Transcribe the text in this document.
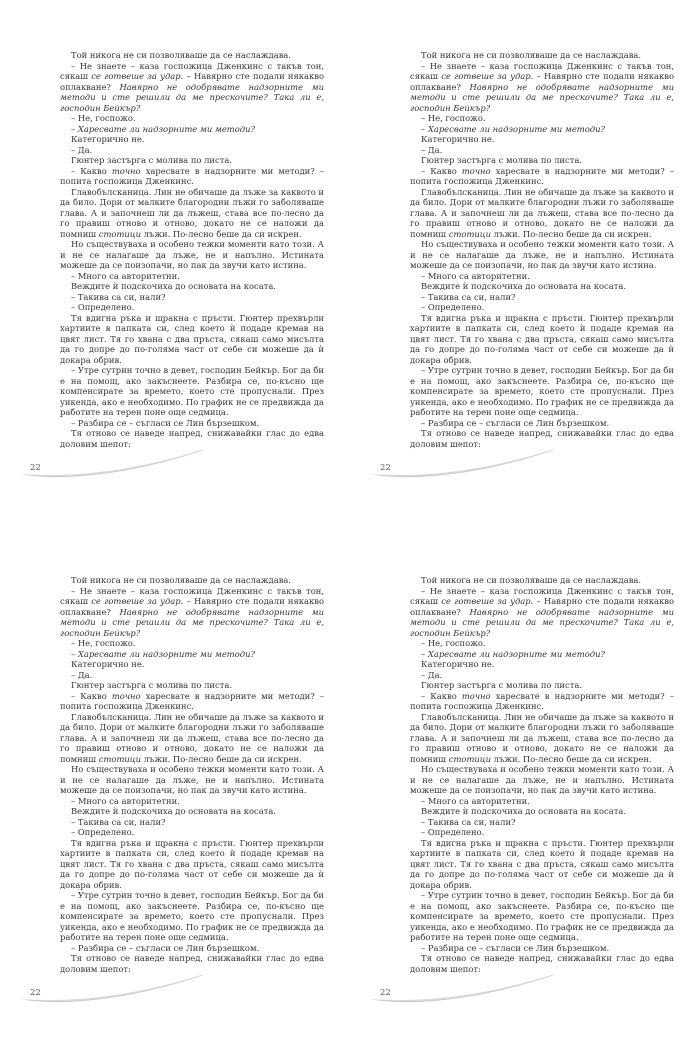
Той никога не си позволяваше да се наслаждава.

– Не знаете – каза госпожица Дженкинс с такъв тон, сякаш се готвеше за удар. – Навярно сте подали някакво оплакване? Навярно не одобрявате надзорните ми методи и сте решили да ме прескочите? Така ли е, господин Бейкър?

– Не, госпожо.

– Харесвате ли надзорните ми методи?

Категорично не.

– Да.

Гюнтер застърга с молива по листа.

– Какво точно харесвате в надзорните ми методи? – попита госпожица Дженкинс.

Главобълсканица. Лин не обичаше да лъже за каквото и да било. Дори от малките благородни лъжи го заболяваше глава. А и започнеш ли да лъжеш, става все по-лесно да го правиш отново и отново, докато не се наложи да помниш стотици лъжи. По-лесно беше да си искрен.

Но съществуваха и особено тежки моменти като този. А и не се налагаше да лъже, не и напълно. Истината можеше да се поизопачи, но пак да звучи като истина.

– Много са авторитетни.

Веждите ѝ подскочиха до основата на косата.

– Такива са си, нали?

– Определено.

Тя вдигна ръка и щракна с пръсти. Гюнтер прехвърли хартиите в папката си, след което ѝ подаде кремав на цвят лист. Тя го хвана с два пръста, сякаш само мисълта да го допре до по-голяма част от себе си можеше да ѝ докара обрив.

– Утре сутрин точно в девет, господин Бейкър. Бог да би е на помощ, ако закъснеете. Разбира се, по-късно ще компенсирате за времето, което сте пропуснали. През уикенда, ако е необходимо. По график не се предвижда да работите на терен поне още седмица.

– Разбира се – съгласи се Лин бързешком.

Тя отново се наведе напред, снижавайки глас до едва доловим шепот:

22

Той никога не си позволяваше да се наслаждава.

– Не знаете – каза госпожица Дженкинс с такъв тон, сякаш се готвеше за удар. – Навярно сте подали някакво оплакване? Навярно не одобрявате надзорните ми методи и сте решили да ме прескочите? Така ли е, господин Бейкър?

– Не, госпожо.

– Харесвате ли надзорните ми методи?

Категорично не.

– Да.

Гюнтер застърга с молива по листа.

– Какво точно харесвате в надзорните ми методи? – попита госпожица Дженкинс.

Главобълсканица. Лин не обичаше да лъже за каквото и да било. Дори от малките благородни лъжи го заболяваше глава. А и започнеш ли да лъжеш, става все по-лесно да го правиш отново и отново, докато не се наложи да помниш стотици лъжи. По-лесно беше да си искрен.

Но съществуваха и особено тежки моменти като този. А и не се налагаше да лъже, не и напълно. Истината можеше да се поизопачи, но пак да звучи като истина.

– Много са авторитетни.

Веждите ѝ подскочиха до основата на косата.

– Такива са си, нали?

– Определено.

Тя вдигна ръка и щракна с пръсти. Гюнтер прехвърли хартиите в папката си, след което ѝ подаде кремав на цвят лист. Тя го хвана с два пръста, сякаш само мисълта да го допре до по-голяма част от себе си можеше да ѝ докара обрив.

– Утре сутрин точно в девет, господин Бейкър. Бог да би е на помощ, ако закъснеете. Разбира се, по-късно ще компенсирате за времето, което сте пропуснали. През уикенда, ако е необходимо. По график не се предвижда да работите на терен поне още седмица.

– Разбира се – съгласи се Лин бързешком.

Тя отново се наведе напред, снижавайки глас до едва доловим шепот:

22

Той никога не си позволяваше да се наслаждава.

– Не знаете – каза госпожица Дженкинс с такъв тон, сякаш се готвеше за удар. – Навярно сте подали някакво оплакване? Навярно не одобрявате надзорните ми методи и сте решили да ме прескочите? Така ли е, господин Бейкър?

– Не, госпожо.

– Харесвате ли надзорните ми методи?

Категорично не.

– Да.

Гюнтер застърга с молива по листа.

– Какво точно харесвате в надзорните ми методи? – попита госпожица Дженкинс.

Главобълсканица. Лин не обичаше да лъже за каквото и да било. Дори от малките благородни лъжи го заболяваше глава. А и започнеш ли да лъжеш, става все по-лесно да го правиш отново и отново, докато не се наложи да помниш стотици лъжи. По-лесно беше да си искрен.

Но съществуваха и особено тежки моменти като този. А и не се налагаше да лъже, не и напълно. Истината можеше да се поизопачи, но пак да звучи като истина.

– Много са авторитетни.

Веждите ѝ подскочиха до основата на косата.

– Такива са си, нали?

– Определено.

Тя вдигна ръка и щракна с пръсти. Гюнтер прехвърли хартиите в папката си, след което ѝ подаде кремав на цвят лист. Тя го хвана с два пръста, сякаш само мисълта да го допре до по-голяма част от себе си можеше да ѝ докара обрив.

– Утре сутрин точно в девет, господин Бейкър. Бог да би е на помощ, ако закъснеете. Разбира се, по-късно ще компенсирате за времето, което сте пропуснали. През уикенда, ако е необходимо. По график не се предвижда да работите на терен поне още седмица.

– Разбира се – съгласи се Лин бързешком.

Тя отново се наведе напред, снижавайки глас до едва доловим шепот:

22

Той никога не си позволяваше да се наслаждава.

– Не знаете – каза госпожица Дженкинс с такъв тон, сякаш се готвеше за удар. – Навярно сте подали някакво оплакване? Навярно не одобрявате надзорните ми методи и сте решили да ме прескочите? Така ли е, господин Бейкър?

– Не, госпожо.

– Харесвате ли надзорните ми методи?

Категорично не.

– Да.

Гюнтер застърга с молива по листа.

– Какво точно харесвате в надзорните ми методи? – попита госпожица Дженкинс.

Главобълсканица. Лин не обичаше да лъже за каквото и да било. Дори от малките благородни лъжи го заболяваше глава. А и започнеш ли да лъжеш, става все по-лесно да го правиш отново и отново, докато не се наложи да помниш стотици лъжи. По-лесно беше да си искрен.

Но съществуваха и особено тежки моменти като този. А и не се налагаше да лъже, не и напълно. Истината можеше да се поизопачи, но пак да звучи като истина.

– Много са авторитетни.

Веждите ѝ подскочиха до основата на косата.

– Такива са си, нали?

– Определено.

Тя вдигна ръка и щракна с пръсти. Гюнтер прехвърли хартиите в папката си, след което ѝ подаде кремав на цвят лист. Тя го хвана с два пръста, сякаш само мисълта да го допре до по-голяма част от себе си можеше да ѝ докара обрив.

– Утре сутрин точно в девет, господин Бейкър. Бог да би е на помощ, ако закъснеете. Разбира се, по-късно ще компенсирате за времето, което сте пропуснали. През уикенда, ако е необходимо. По график не се предвижда да работите на терен поне още седмица.

– Разбира се – съгласи се Лин бързешком.

Тя отново се наведе напред, снижавайки глас до едва доловим шепот:

22
